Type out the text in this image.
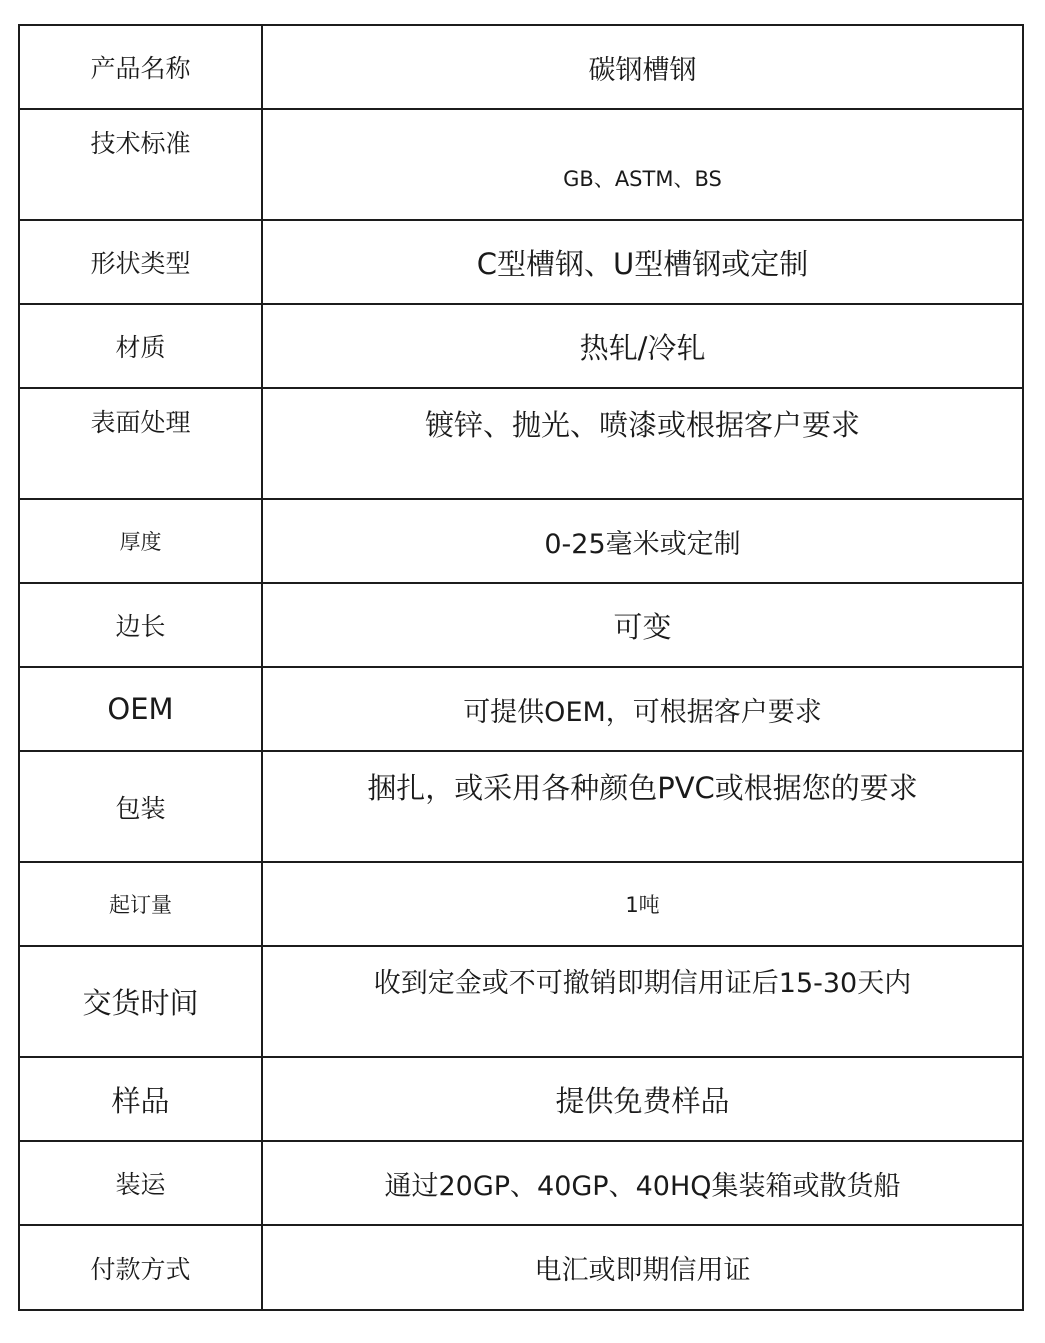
产品名称	碳钢槽钢
技术标准	GB、ASTM、BS
形状类型	C型槽钢、U型槽钢或定制
材质	热轧/冷轧
表面处理	镀锌、抛光、喷漆或根据客户要求
厚度	0-25毫米或定制
边长	可变
OEM	可提供OEM，可根据客户要求
包装	捆扎，或采用各种颜色PVC或根据您的要求
起订量	1吨
交货时间	收到定金或不可撤销即期信用证后15-30天内
样品	提供免费样品
装运	通过20GP、40GP、40HQ集装箱或散货船
付款方式	电汇或即期信用证
